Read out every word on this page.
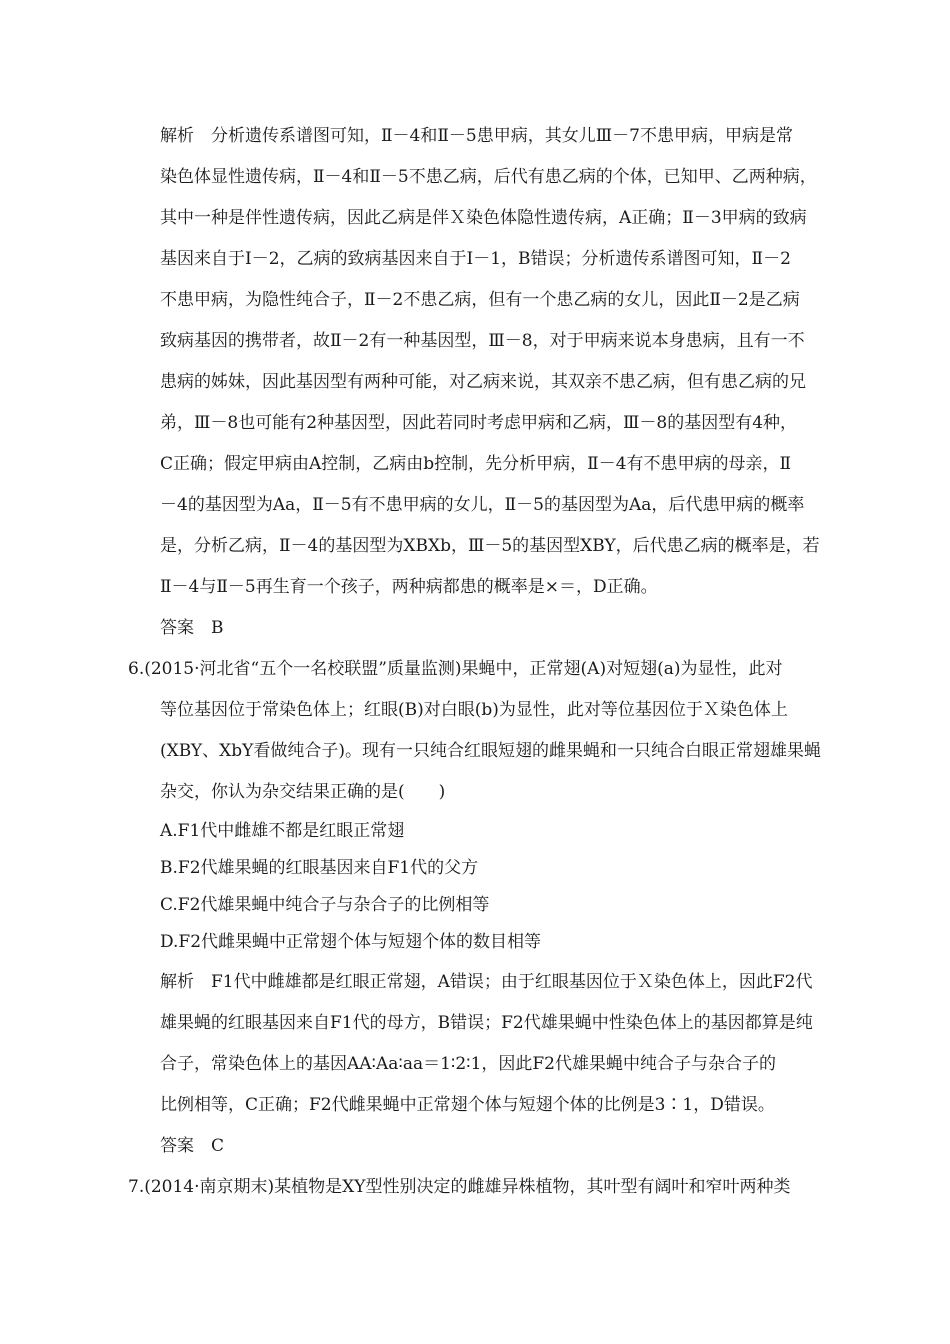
解析　分析遗传系谱图可知，Ⅱ－4和Ⅱ－5患甲病，其女儿Ⅲ－7不患甲病，甲病是常
染色体显性遗传病，Ⅱ－4和Ⅱ－5不患乙病，后代有患乙病的个体，已知甲、乙两种病，
其中一种是伴性遗传病，因此乙病是伴Ｘ染色体隐性遗传病，A正确；Ⅱ－3甲病的致病
基因来自于Ⅰ－2，乙病的致病基因来自于Ⅰ－1，B错误；分析遗传系谱图可知，Ⅱ－2
不患甲病，为隐性纯合子，Ⅱ－2不患乙病，但有一个患乙病的女儿，因此Ⅱ－2是乙病
致病基因的携带者，故Ⅱ－2有一种基因型，Ⅲ－8，对于甲病来说本身患病，且有一不
患病的姊妹，因此基因型有两种可能，对乙病来说，其双亲不患乙病，但有患乙病的兄
弟，Ⅲ－8也可能有2种基因型，因此若同时考虑甲病和乙病，Ⅲ－8的基因型有4种，
C正确；假定甲病由A控制，乙病由b控制，先分析甲病，Ⅱ－4有不患甲病的母亲，Ⅱ
－4的基因型为Aa，Ⅱ－5有不患甲病的女儿，Ⅱ－5的基因型为Aa，后代患甲病的概率
是，分析乙病，Ⅱ－4的基因型为XBXb，Ⅲ－5的基因型XBY，后代患乙病的概率是，若
Ⅱ－4与Ⅱ－5再生育一个孩子，两种病都患的概率是×＝，D正确。
答案　B
6.(2015·河北省“五个一名校联盟”质量监测)果蝇中，正常翅(A)对短翅(a)为显性，此对
等位基因位于常染色体上；红眼(B)对白眼(b)为显性，此对等位基因位于Ｘ染色体上
(XBY、XbY看做纯合子)。现有一只纯合红眼短翅的雌果蝇和一只纯合白眼正常翅雄果蝇
杂交，你认为杂交结果正确的是(　　)
A.F1代中雌雄不都是红眼正常翅
B.F2代雄果蝇的红眼基因来自F1代的父方
C.F2代雄果蝇中纯合子与杂合子的比例相等
D.F2代雌果蝇中正常翅个体与短翅个体的数目相等
解析　F1代中雌雄都是红眼正常翅，A错误；由于红眼基因位于Ｘ染色体上，因此F2代
雄果蝇的红眼基因来自F1代的母方，B错误；F2代雄果蝇中性染色体上的基因都算是纯
合子，常染色体上的基因AA∶Aa∶aa＝1∶2∶1，因此F2代雄果蝇中纯合子与杂合子的
比例相等，C正确；F2代雌果蝇中正常翅个体与短翅个体的比例是3∶1，D错误。
答案　C
7.(2014·南京期末)某植物是XY型性别决定的雌雄异株植物，其叶型有阔叶和窄叶两种类
